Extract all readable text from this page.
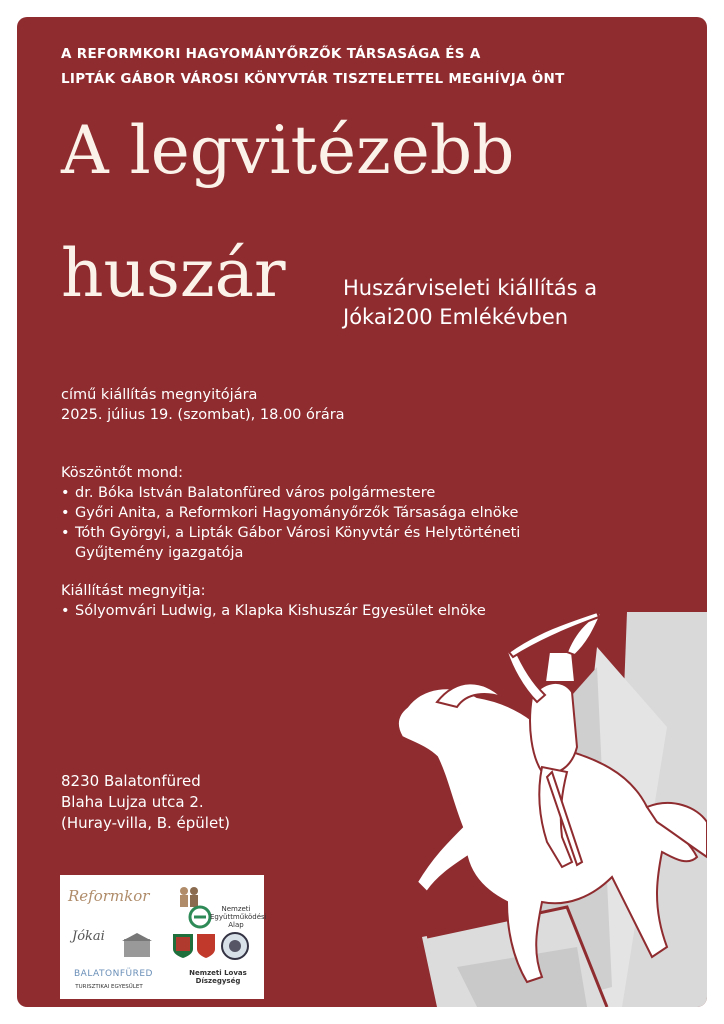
A REFORMKORI HAGYOMÁNYŐRZŐK TÁRSASÁGA ÉS A
LIPTÁK GÁBOR VÁROSI KÖNYVTÁR TISZTELETTEL MEGHÍVJA ÖNT
A legvitézebb
huszár	Huszárviseleti kiállítás a
Jókai200 Emlékévben
című kiállítás megnyitójára
2025. július 19. (szombat), 18.00 órára
Köszöntőt mond:
• dr. Bóka István Balatonfüred város polgármestere
• Győri Anita, a Reformkori Hagyományőrzők Társasága elnöke
• Tóth Györgyi, a Lipták Gábor Városi Könyvtár és Helytörténeti
Gyűjtemény igazgatója
Kiállítást megnyitja:
• Sólyomvári Ludwig, a Klapka Kishuszár Egyesület elnöke
8230 Balatonfüred
Blaha Lujza utca 2.
(Huray-villa, B. épület)
Reformkor
Nemzeti
Együttműködési
Alap
Jókai
BALATONFÜRED
TURISZTIKAI EGYESÜLET
Nemzeti Lovas
Díszegység
